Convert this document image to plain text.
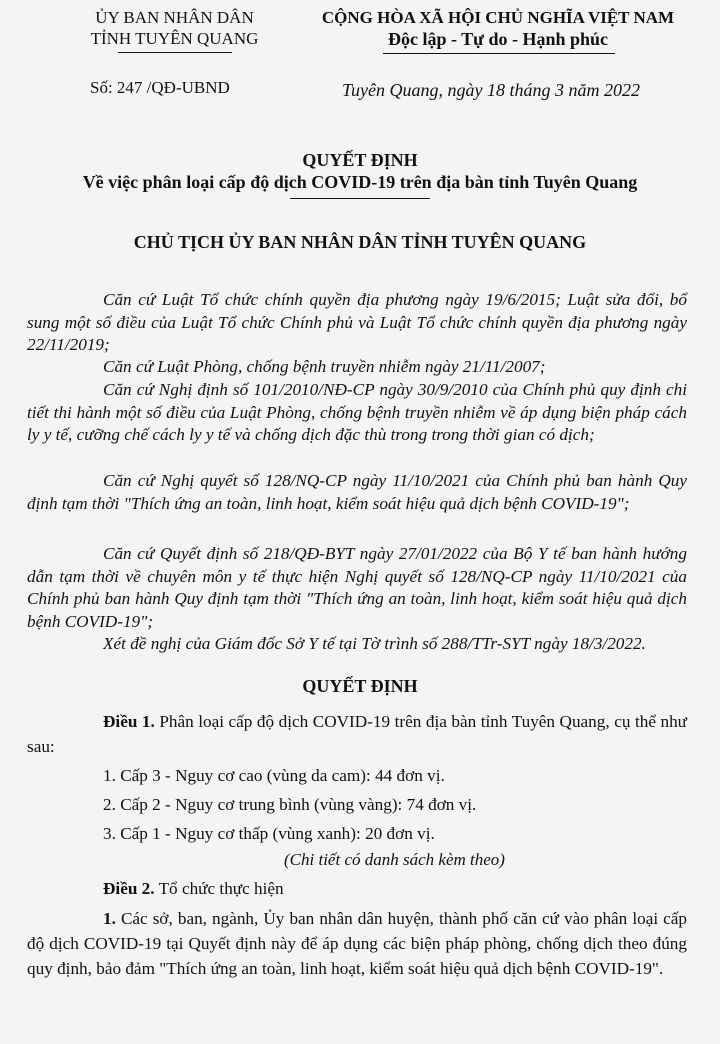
ỦY BAN NHÂN DÂN
TỈNH TUYÊN QUANG
Số: 247 /QĐ-UBND
CỘNG HÒA XÃ HỘI CHỦ NGHĨA VIỆT NAM
Độc lập - Tự do - Hạnh phúc
Tuyên Quang, ngày 18 tháng 3 năm 2022
QUYẾT ĐỊNH
Về việc phân loại cấp độ dịch COVID-19 trên địa bàn tỉnh Tuyên Quang
CHỦ TỊCH ỦY BAN NHÂN DÂN TỈNH TUYÊN QUANG
Căn cứ Luật Tổ chức chính quyền địa phương ngày 19/6/2015; Luật sửa đổi, bổ sung một số điều của Luật Tổ chức Chính phủ và Luật Tổ chức chính quyền địa phương ngày 22/11/2019;
Căn cứ Luật Phòng, chống bệnh truyền nhiễm ngày 21/11/2007;
Căn cứ Nghị định số 101/2010/NĐ-CP ngày 30/9/2010 của Chính phủ quy định chi tiết thi hành một số điều của Luật Phòng, chống bệnh truyền nhiễm về áp dụng biện pháp cách ly y tế, cưỡng chế cách ly y tế và chống dịch đặc thù trong trong thời gian có dịch;
Căn cứ Nghị quyết số 128/NQ-CP ngày 11/10/2021 của Chính phủ ban hành Quy định tạm thời "Thích ứng an toàn, linh hoạt, kiểm soát hiệu quả dịch bệnh COVID-19";
Căn cứ Quyết định số 218/QĐ-BYT ngày 27/01/2022 của Bộ Y tế ban hành hướng dẫn tạm thời về chuyên môn y tế thực hiện Nghị quyết số 128/NQ-CP ngày 11/10/2021 của Chính phủ ban hành Quy định tạm thời "Thích ứng an toàn, linh hoạt, kiểm soát hiệu quả dịch bệnh COVID-19";
Xét đề nghị của Giám đốc Sở Y tế tại Tờ trình số 288/TTr-SYT ngày 18/3/2022.
QUYẾT ĐỊNH
Điều 1. Phân loại cấp độ dịch COVID-19 trên địa bàn tỉnh Tuyên Quang, cụ thể như sau:
1. Cấp 3 - Nguy cơ cao (vùng da cam): 44 đơn vị.
2. Cấp 2 - Nguy cơ trung bình (vùng vàng): 74 đơn vị.
3. Cấp 1 - Nguy cơ thấp (vùng xanh): 20 đơn vị.
(Chi tiết có danh sách kèm theo)
Điều 2. Tổ chức thực hiện
1. Các sở, ban, ngành, Ủy ban nhân dân huyện, thành phố căn cứ vào phân loại cấp độ dịch COVID-19 tại Quyết định này để áp dụng các biện pháp phòng, chống dịch theo đúng quy định, bảo đảm "Thích ứng an toàn, linh hoạt, kiểm soát hiệu quả dịch bệnh COVID-19".
